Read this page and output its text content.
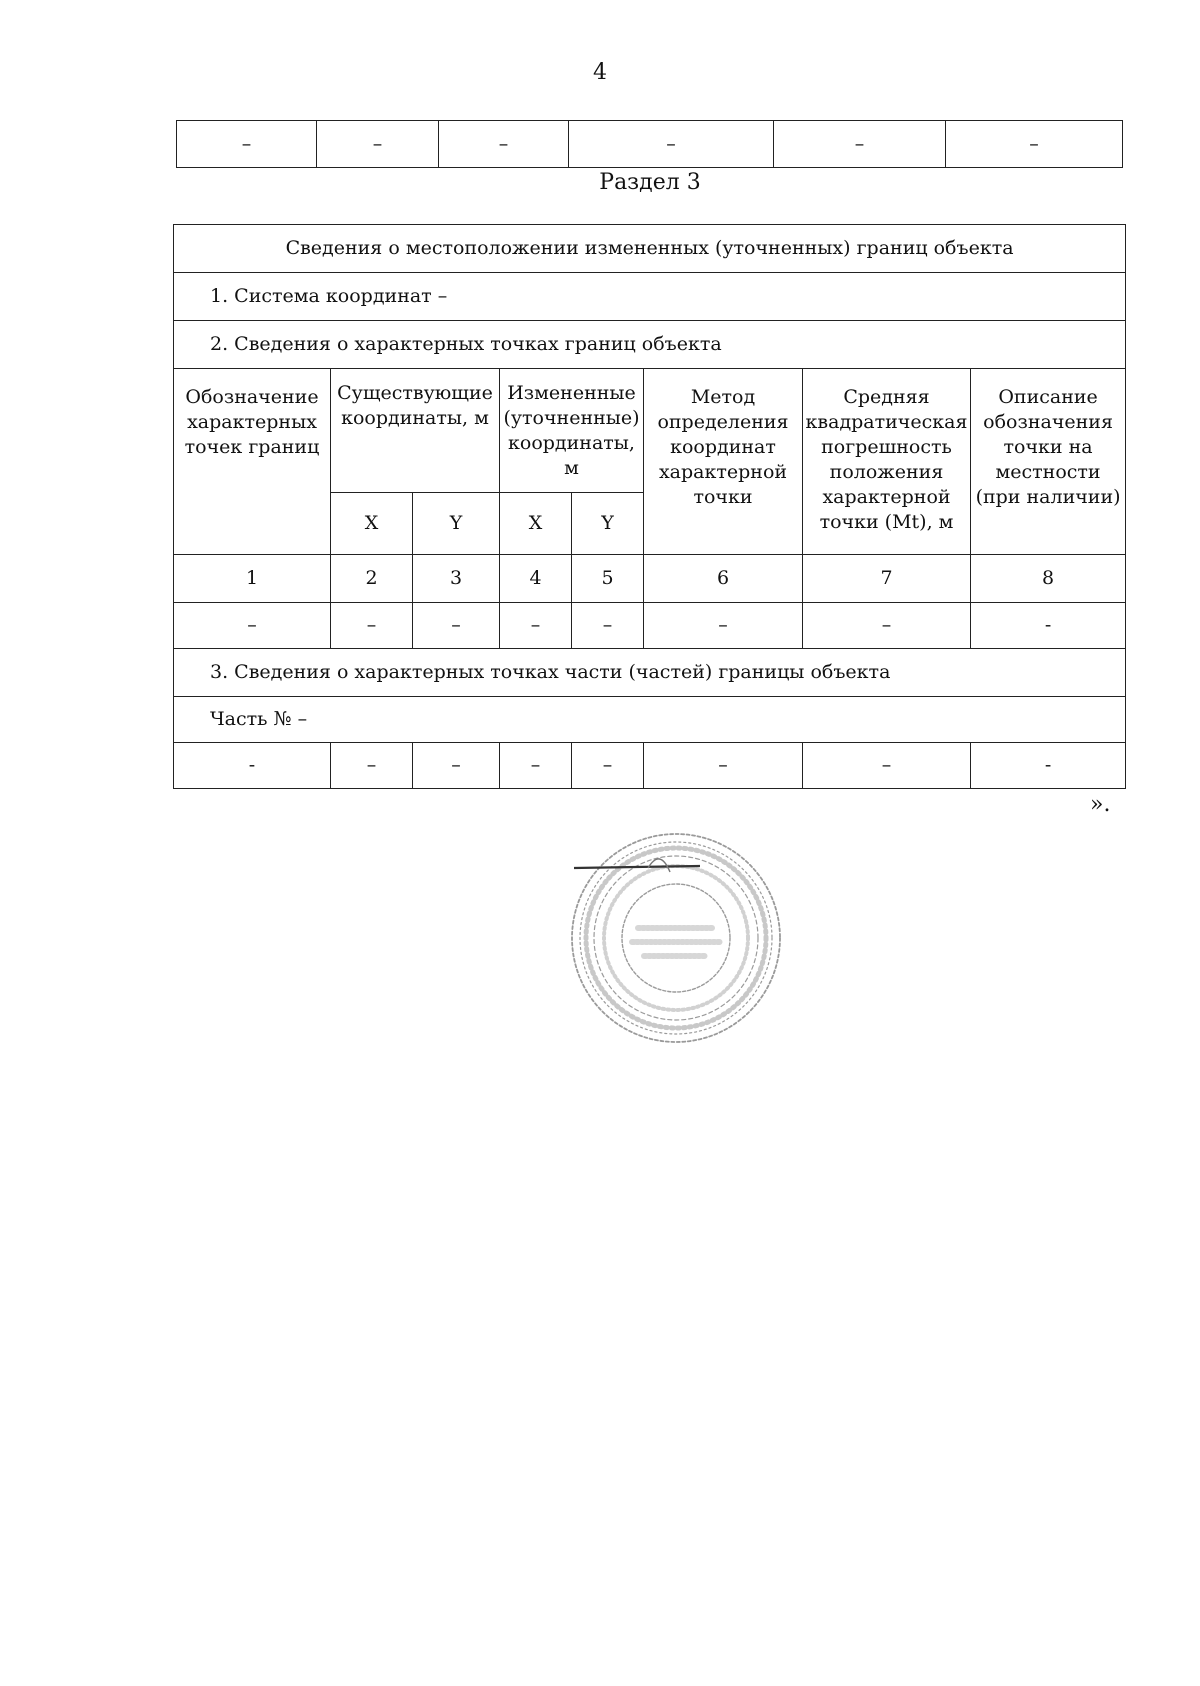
4
–	–	–	–	–	–
Раздел 3
Сведения о местоположении измененных (уточненных) границ объекта							
1. Система координат –							
2. Сведения о характерных точках границ объекта							
Обозначение характерных точек границ	Существующие координаты, м		Измененные (уточненные) координаты, м		Метод определения координат характерной точки	Средняя квадратическая погрешность положения характерной точки (Mt), м	Описание обозначения точки на местности (при наличии)
	X	Y	X	Y			
1	2	3	4	5	6	7	8
–	–	–	–	–	–	–	-
3. Сведения о характерных точках части (частей) границы объекта							
Часть № –							
-	–	–	–	–	–	–	-
».
